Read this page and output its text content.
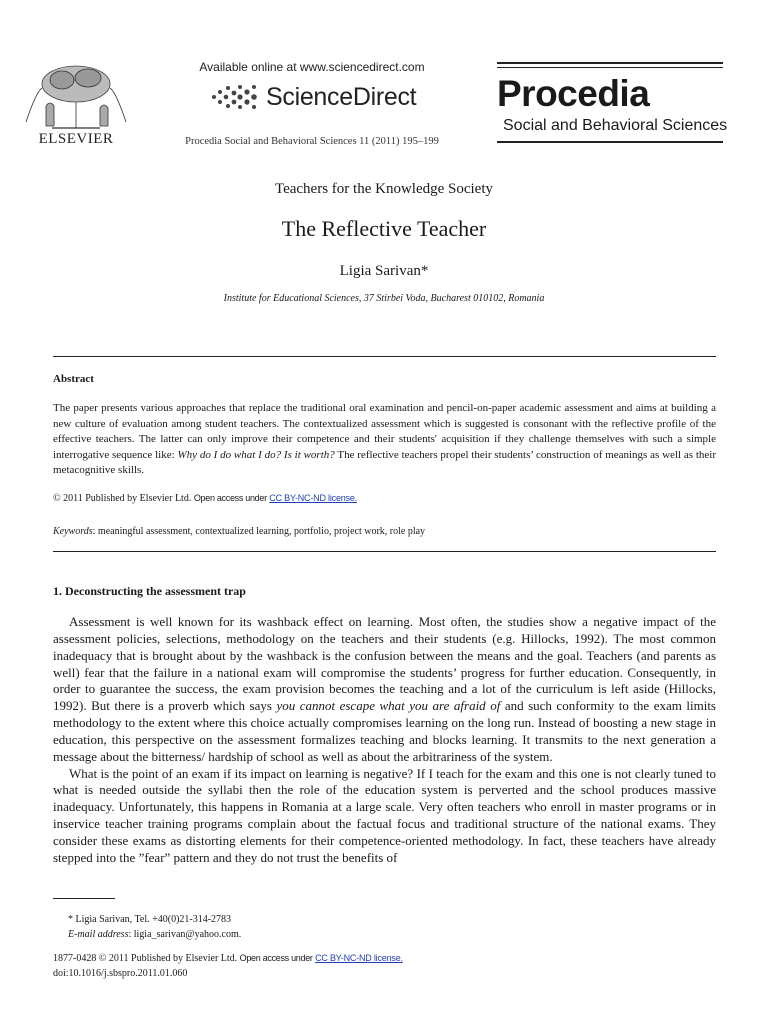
ELSEVIER
Available online at www.sciencedirect.com
ScienceDirect
Procedia Social and Behavioral Sciences 11 (2011) 195–199
Procedia
Social and Behavioral Sciences
Teachers for the Knowledge Society
The Reflective Teacher
Ligia Sarivan*
Institute for Educational Sciences, 37 Stirbei Voda, Bucharest 010102, Romania
Abstract
The paper presents various approaches that replace the traditional oral examination and pencil-on-paper academic assessment and aims at building a new culture of evaluation among student teachers. The contextualized assessment which is suggested is consonant with the reflective profile of the effective teachers. The latter can only improve their competence and their students' acquisition if they challenge themselves with such a simple interrogative sequence like: Why do I do what I do? Is it worth? The reflective teachers propel their students’ construction of meanings as well as their metacognitive skills.
© 2011 Published by Elsevier Ltd. Open access under CC BY-NC-ND license.
Keywords: meaningful assessment, contextualized learning, portfolio, project work, role play
1. Deconstructing the assessment trap

Assessment is well known for its washback effect on learning. Most often, the studies show a negative impact of the assessment policies, selections, methodology on the teachers and their students (e.g. Hillocks, 1992). The most common inadequacy that is brought about by the washback is the confusion between the means and the goal. Teachers (and parents as well) fear that the failure in a national exam will compromise the students’ progress for further education. Consequently, in order to guarantee the success, the exam provision becomes the teaching and a lot of the curriculum is left aside (Hillocks, 1992). But there is a proverb which says you cannot escape what you are afraid of and such conformity to the exam limits methodology to the extent where this choice actually compromises learning on the long run. Instead of boosting a new stage in education, this perspective on the assessment formalizes teaching and blocks learning. It transmits to the next generation a message about the bitterness/ hardship of school as well as about the arbitrariness of the system.

What is the point of an exam if its impact on learning is negative? If I teach for the exam and this one is not clearly tuned to what is needed outside the syllabi then the role of the education system is perverted and the school produces massive inadequacy. Unfortunately, this happens in Romania at a large scale. Very often teachers who enroll in master programs or in inservice teacher training programs complain about the factual focus and traditional structure of the national exams. They consider these exams as distorting elements for their competence-oriented methodology. In fact, these teachers have already stepped into the ”fear” pattern and they do not trust the benefits of

* Ligia Sarivan, Tel. +40(0)21-314-2783
E-mail address: ligia_sarivan@yahoo.com.
1877-0428 © 2011 Published by Elsevier Ltd. Open access under CC BY-NC-ND license.
doi:10.1016/j.sbspro.2011.01.060
